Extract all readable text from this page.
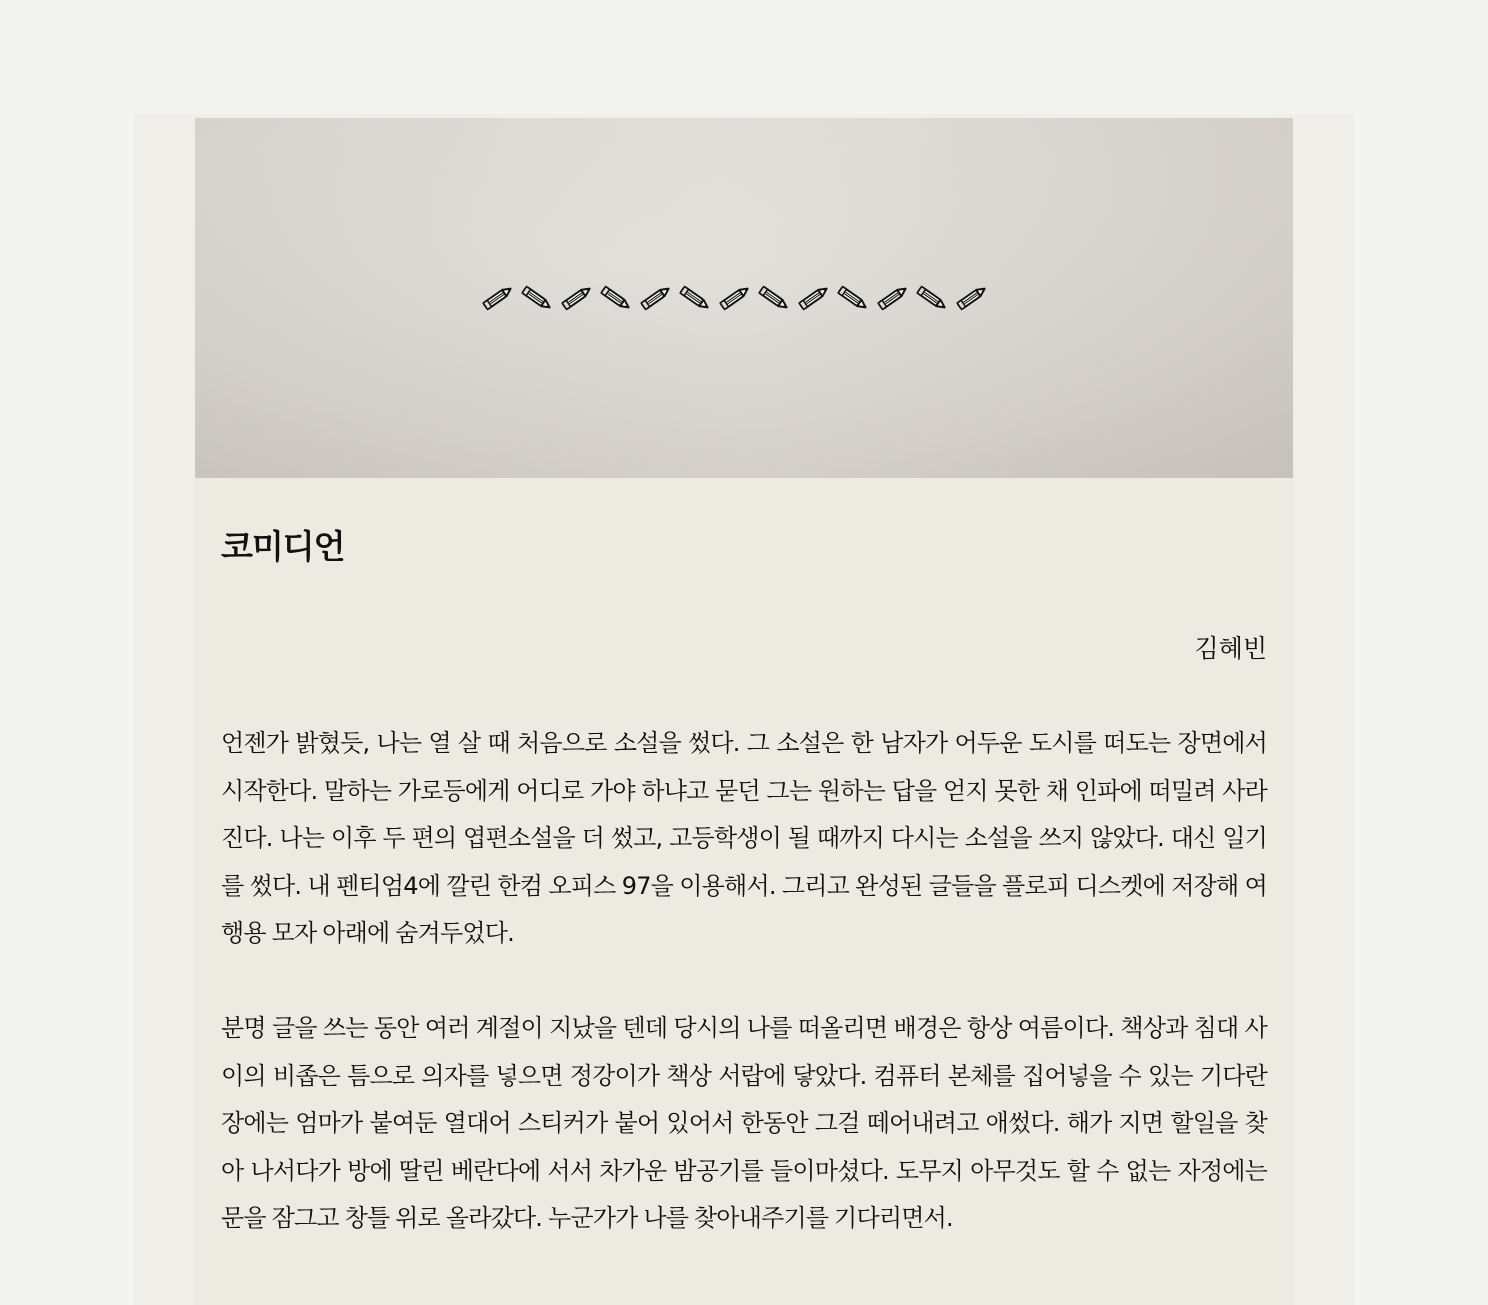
코미디언

김혜빈

언젠가 밝혔듯, 나는 열 살 때 처음으로 소설을 썼다. 그 소설은 한 남자가 어두운 도시를 떠도는 장면에서 시작한다. 말하는 가로등에게 어디로 가야 하냐고 묻던 그는 원하는 답을 얻지 못한 채 인파에 떠밀려 사라진다. 나는 이후 두 편의 엽편소설을 더 썼고, 고등학생이 될 때까지 다시는 소설을 쓰지 않았다. 대신 일기를 썼다. 내 펜티엄4에 깔린 한컴 오피스 97을 이용해서. 그리고 완성된 글들을 플로피 디스켓에 저장해 여행용 모자 아래에 숨겨두었다.

분명 글을 쓰는 동안 여러 계절이 지났을 텐데 당시의 나를 떠올리면 배경은 항상 여름이다. 책상과 침대 사이의 비좁은 틈으로 의자를 넣으면 정강이가 책상 서랍에 닿았다. 컴퓨터 본체를 집어넣을 수 있는 기다란 장에는 엄마가 붙여둔 열대어 스티커가 붙어 있어서 한동안 그걸 떼어내려고 애썼다. 해가 지면 할일을 찾아 나서다가 방에 딸린 베란다에 서서 차가운 밤공기를 들이마셨다. 도무지 아무것도 할 수 없는 자정에는 문을 잠그고 창틀 위로 올라갔다. 누군가가 나를 찾아내주기를 기다리면서.
